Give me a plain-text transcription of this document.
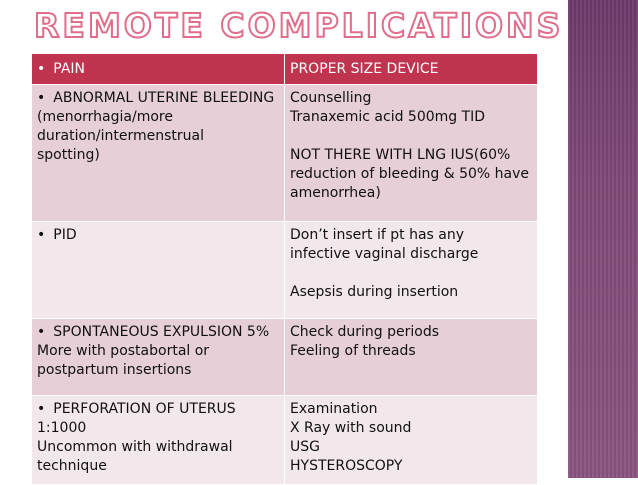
REMOTE COMPLICATIONS
• PAIN	PROPER SIZE DEVICE

• ABNORMAL UTERINE BLEEDING
(menorrhagia/more
duration/intermenstrual
spotting)	Counselling
Tranaxemic acid 500mg TID
NOT THERE WITH LNG IUS(60%
reduction of bleeding & 50% have
amenorrhea)

• PID	Don’t insert if pt has any
infective vaginal discharge
Asepsis during insertion

• SPONTANEOUS EXPULSION 5%
More with postabortal or
postpartum insertions	Check during periods
Feeling of threads

• PERFORATION OF UTERUS
1:1000
Uncommon with withdrawal
technique	Examination
X Ray with sound
USG
HYSTEROSCOPY
